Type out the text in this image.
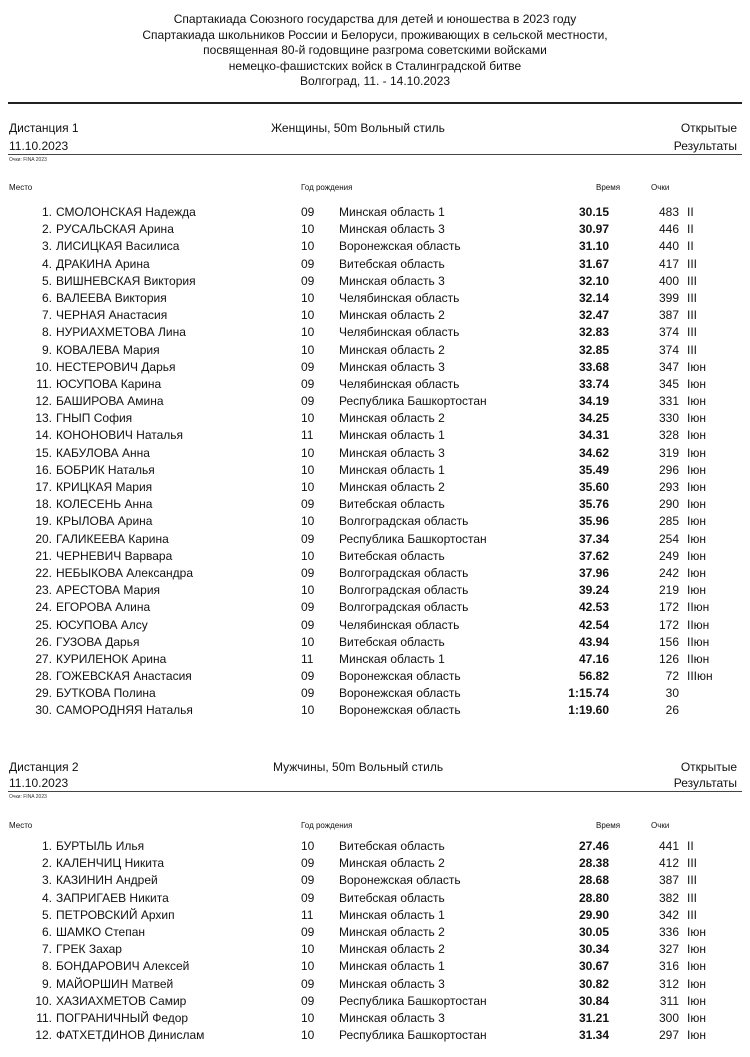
Спартакиада Союзного государства для детей и юношества в 2023 году
Спартакиада школьников России и Белоруси, проживающих в сельской местности,
посвященная 80-й годовщине разгрома советскими войсками
немецко-фашистских войск в Сталинградской битве
Волгоград, 11. - 14.10.2023
Дистанция 1	Женщины, 50m Вольный стиль	Открытые
11.10.2023	Результаты
Очки: FINA 2023
Место	Год рождения	Время	Очки
1. СМОЛОНСКАЯ Надежда	09 Минская область 1	30.15	483 II
2. РУСАЛЬСКАЯ Арина	10 Минская область 3	30.97	446 II
3. ЛИСИЦКАЯ Василиса	10 Воронежская область	31.10	440 II
4. ДРАКИНА Арина	09 Витебская область	31.67	417 III
5. ВИШНЕВСКАЯ Виктория	09 Минская область 3	32.10	400 III
6. ВАЛЕЕВА Виктория	10 Челябинская область	32.14	399 III
7. ЧЕРНАЯ Анастасия	10 Минская область 2	32.47	387 III
8. НУРИАХМЕТОВА Лина	10 Челябинская область	32.83	374 III
9. КОВАЛЕВА Мария	10 Минская область 2	32.85	374 III
10. НЕСТЕРОВИЧ Дарья	09 Минская область 3	33.68	347 Iюн
11. ЮСУПОВА Карина	09 Челябинская область	33.74	345 Iюн
12. БАШИРОВА Амина	09 Республика Башкортостан	34.19	331 Iюн
13. ГНЫП София	10 Минская область 2	34.25	330 Iюн
14. КОНОНОВИЧ Наталья	11 Минская область 1	34.31	328 Iюн
15. КАБУЛОВА Анна	10 Минская область 3	34.62	319 Iюн
16. БОБРИК Наталья	10 Минская область 1	35.49	296 Iюн
17. КРИЦКАЯ Мария	10 Минская область 2	35.60	293 Iюн
18. КОЛЕСЕНЬ Анна	09 Витебская область	35.76	290 Iюн
19. КРЫЛОВА Арина	10 Волгоградская область	35.96	285 Iюн
20. ГАЛИКЕЕВА Карина	09 Республика Башкортостан	37.34	254 Iюн
21. ЧЕРНЕВИЧ Варвара	10 Витебская область	37.62	249 Iюн
22. НЕБЫКОВА Александра	09 Волгоградская область	37.96	242 Iюн
23. АРЕСТОВА Мария	10 Волгоградская область	39.24	219 Iюн
24. ЕГОРОВА Алина	09 Волгоградская область	42.53	172 IIюн
25. ЮСУПОВА Алсу	09 Челябинская область	42.54	172 IIюн
26. ГУЗОВА Дарья	10 Витебская область	43.94	156 IIюн
27. КУРИЛЕНОК Арина	11 Минская область 1	47.16	126 IIюн
28. ГОЖЕВСКАЯ Анастасия	09 Воронежская область	56.82	72 IIIюн
29. БУТКОВА Полина	09 Воронежская область	1:15.74	30
30. САМОРОДНЯЯ Наталья	10 Воронежская область	1:19.60	26
Дистанция 2	Мужчины, 50m Вольный стиль	Открытые
11.10.2023	Результаты
Очки: FINA 2023
Место	Год рождения	Время	Очки
1. БУРТЫЛЬ Илья	10 Витебская область	27.46	441 II
2. КАЛЕНЧИЦ Никита	09 Минская область 2	28.38	412 III
3. КАЗИНИН Андрей	09 Воронежская область	28.68	387 III
4. ЗАПРИГАЕВ Никита	09 Витебская область	28.80	382 III
5. ПЕТРОВСКИЙ Архип	11 Минская область 1	29.90	342 III
6. ШАМКО Степан	09 Минская область 2	30.05	336 Iюн
7. ГРЕК Захар	10 Минская область 2	30.34	327 Iюн
8. БОНДАРОВИЧ Алексей	10 Минская область 1	30.67	316 Iюн
9. МАЙОРШИН Матвей	09 Минская область 3	30.82	312 Iюн
10. ХАЗИАХМЕТОВ Самир	09 Республика Башкортостан	30.84	311 Iюн
11. ПОГРАНИЧНЫЙ Федор	10 Минская область 3	31.21	300 Iюн
12. ФАТХЕТДИНОВ Динислам	10 Республика Башкортостан	31.34	297 Iюн
